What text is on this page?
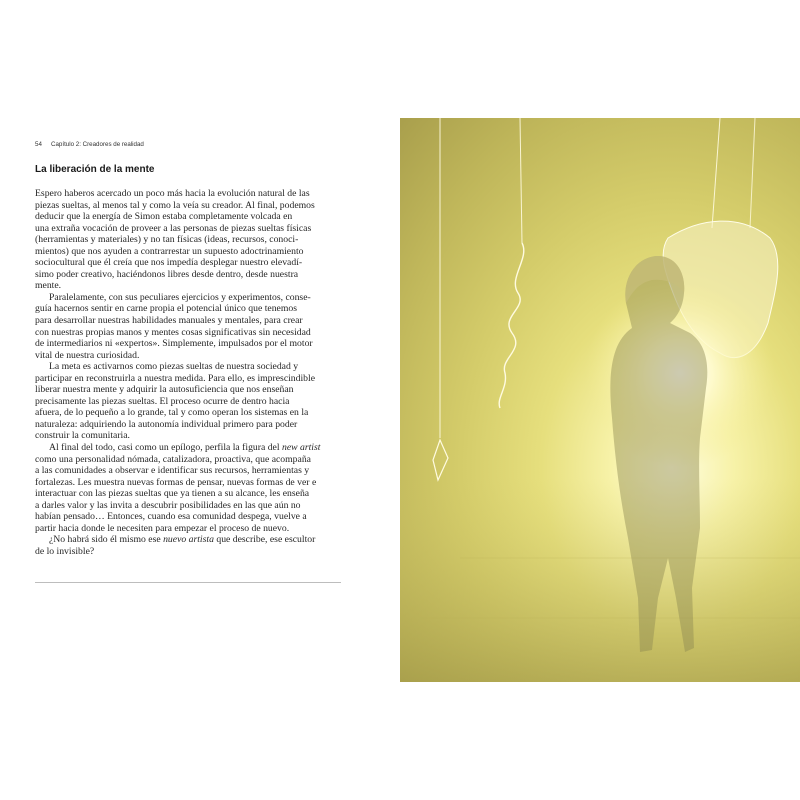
54 Capítulo 2: Creadores de realidad
La liberación de la mente
Espero haberos acercado un poco más hacia la evolución natural de las
piezas sueltas, al menos tal y como la veía su creador. Al final, podemos
deducir que la energía de Simon estaba completamente volcada en
una extraña vocación de proveer a las personas de piezas sueltas físicas
(herramientas y materiales) y no tan físicas (ideas, recursos, conoci-
mientos) que nos ayuden a contrarrestar un supuesto adoctrinamiento
sociocultural que él creía que nos impedía desplegar nuestro elevadí-
simo poder creativo, haciéndonos libres desde dentro, desde nuestra
mente.
Paralelamente, con sus peculiares ejercicios y experimentos, conse-
guía hacernos sentir en carne propia el potencial único que tenemos
para desarrollar nuestras habilidades manuales y mentales, para crear
con nuestras propias manos y mentes cosas significativas sin necesidad
de intermediarios ni «expertos». Simplemente, impulsados por el motor
vital de nuestra curiosidad.
La meta es activarnos como piezas sueltas de nuestra sociedad y
participar en reconstruirla a nuestra medida. Para ello, es imprescindible
liberar nuestra mente y adquirir la autosuficiencia que nos enseñan
precisamente las piezas sueltas. El proceso ocurre de dentro hacia
afuera, de lo pequeño a lo grande, tal y como operan los sistemas en la
naturaleza: adquiriendo la autonomía individual primero para poder
construir la comunitaria.
Al final del todo, casi como un epílogo, perfila la figura del new artist
como una personalidad nómada, catalizadora, proactiva, que acompaña
a las comunidades a observar e identificar sus recursos, herramientas y
fortalezas. Les muestra nuevas formas de pensar, nuevas formas de ver e
interactuar con las piezas sueltas que ya tienen a su alcance, les enseña
a darles valor y las invita a descubrir posibilidades en las que aún no
habían pensado… Entonces, cuando esa comunidad despega, vuelve a
partir hacia donde le necesiten para empezar el proceso de nuevo.
¿No habrá sido él mismo ese nuevo artista que describe, ese escultor
de lo invisible?
